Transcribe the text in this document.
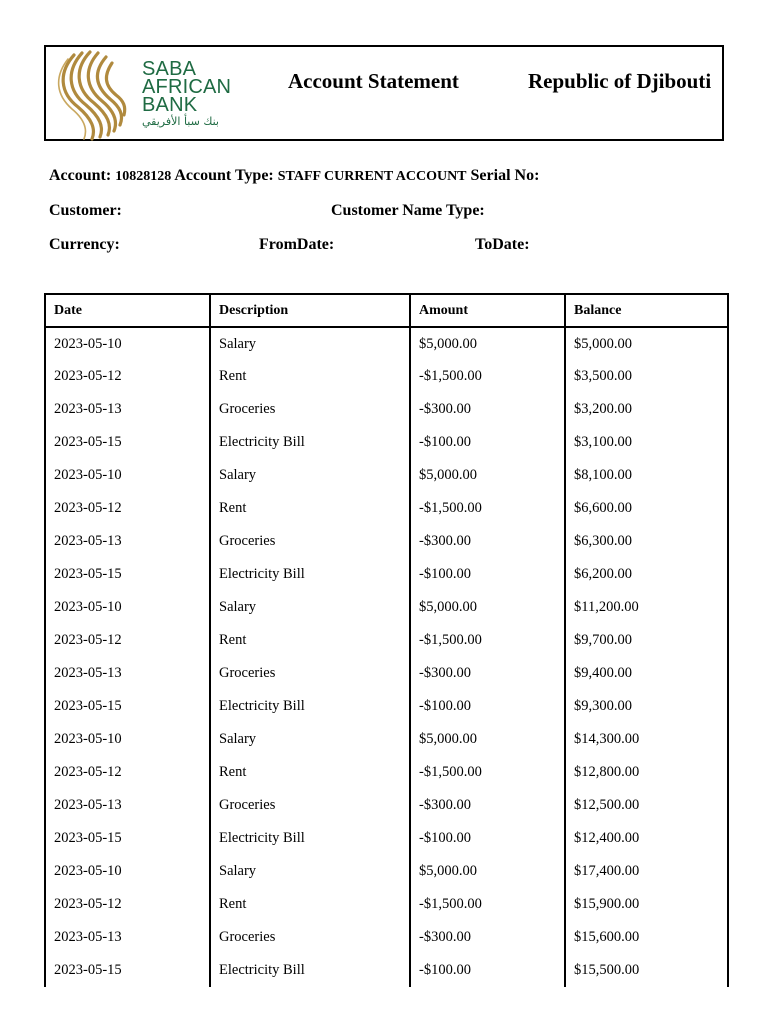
SABA
AFRICAN
BANK
بنك سبأ الأفريقي
Account Statement	Republic of Djibouti
Account: 10828128 Account Type: STAFF CURRENT ACCOUNT Serial No:
Customer:	Customer Name Type:
Currency:	FromDate:	ToDate:
Date	Description	Amount	Balance
2023-05-10	Salary	$5,000.00	$5,000.00
2023-05-12	Rent	-$1,500.00	$3,500.00
2023-05-13	Groceries	-$300.00	$3,200.00
2023-05-15	Electricity Bill	-$100.00	$3,100.00
2023-05-10	Salary	$5,000.00	$8,100.00
2023-05-12	Rent	-$1,500.00	$6,600.00
2023-05-13	Groceries	-$300.00	$6,300.00
2023-05-15	Electricity Bill	-$100.00	$6,200.00
2023-05-10	Salary	$5,000.00	$11,200.00
2023-05-12	Rent	-$1,500.00	$9,700.00
2023-05-13	Groceries	-$300.00	$9,400.00
2023-05-15	Electricity Bill	-$100.00	$9,300.00
2023-05-10	Salary	$5,000.00	$14,300.00
2023-05-12	Rent	-$1,500.00	$12,800.00
2023-05-13	Groceries	-$300.00	$12,500.00
2023-05-15	Electricity Bill	-$100.00	$12,400.00
2023-05-10	Salary	$5,000.00	$17,400.00
2023-05-12	Rent	-$1,500.00	$15,900.00
2023-05-13	Groceries	-$300.00	$15,600.00
2023-05-15	Electricity Bill	-$100.00	$15,500.00
